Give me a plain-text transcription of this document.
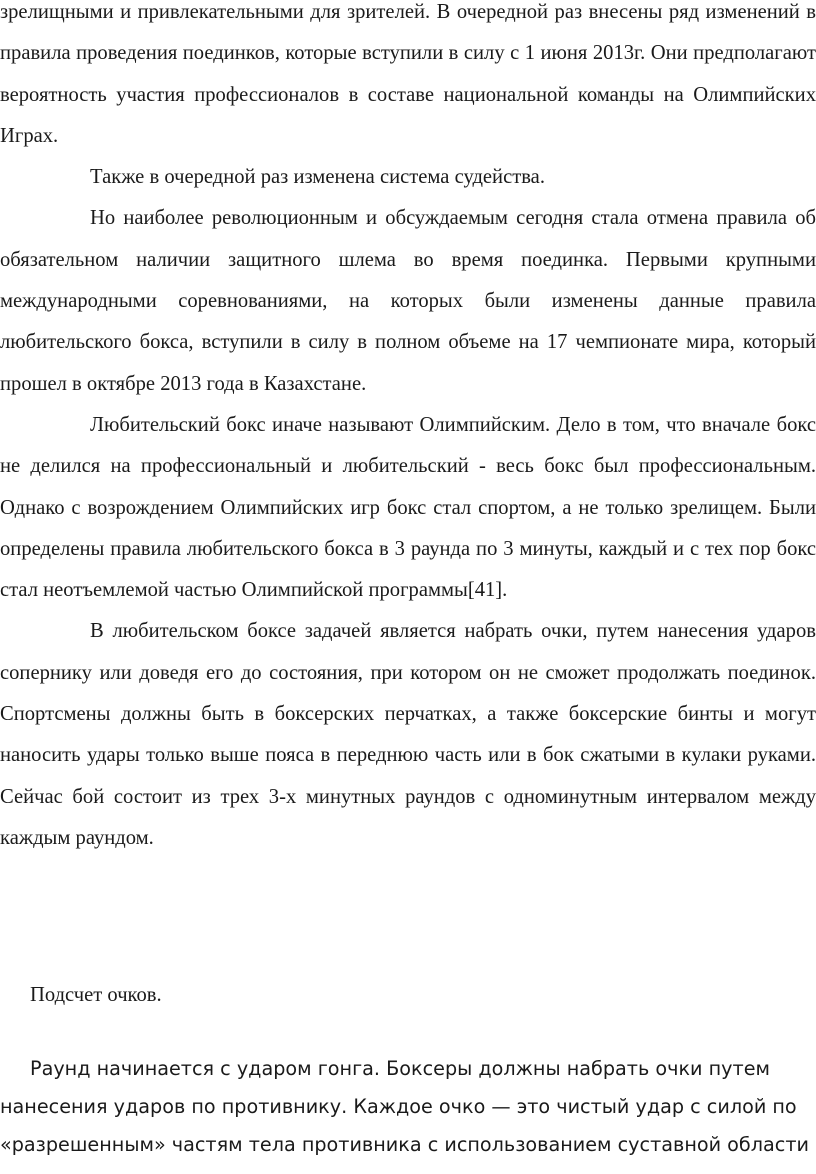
зрелищными и привлекательными для зрителей. В очередной раз внесены ряд изменений в правила проведения поединков, которые вступили в силу с 1 июня 2013г. Они предполагают вероятность участия профессионалов в составе национальной команды на Олимпийских Играх.

Также в очередной раз изменена система судейства.

Но наиболее революционным и обсуждаемым сегодня стала отмена правила об обязательном наличии защитного шлема во время поединка. Первыми крупными международными соревнованиями, на которых были изменены данные правила любительского бокса, вступили в силу в полном объеме на 17 чемпионате мира, который прошел в октябре 2013 года в Казахстане.

Любительский бокс иначе называют Олимпийским. Дело в том, что вначале бокс не делился на профессиональный и любительский - весь бокс был профессиональным. Однако с возрождением Олимпийских игр бокс стал спортом, а не только зрелищем. Были определены правила любительского бокса в 3 раунда по 3 минуты, каждый и с тех пор бокс стал неотъемлемой частью Олимпийской программы[41].

В любительском боксе задачей является набрать очки, путем нанесения ударов сопернику или доведя его до состояния, при котором он не сможет продолжать поединок. Спортсмены должны быть в боксерских перчатках, а также боксерские бинты и могут наносить удары только выше пояса в переднюю часть или в бок сжатыми в кулаки руками. Сейчас бой состоит из трех 3-х минутных раундов с одноминутным интервалом между каждым раундом.

Подсчет очков.

Раунд начинается с ударом гонга. Боксеры должны набрать очки путем
нанесения ударов по противнику. Каждое очко — это чистый удар с силой по
«разрешенным» частям тела противника с использованием суставной области
